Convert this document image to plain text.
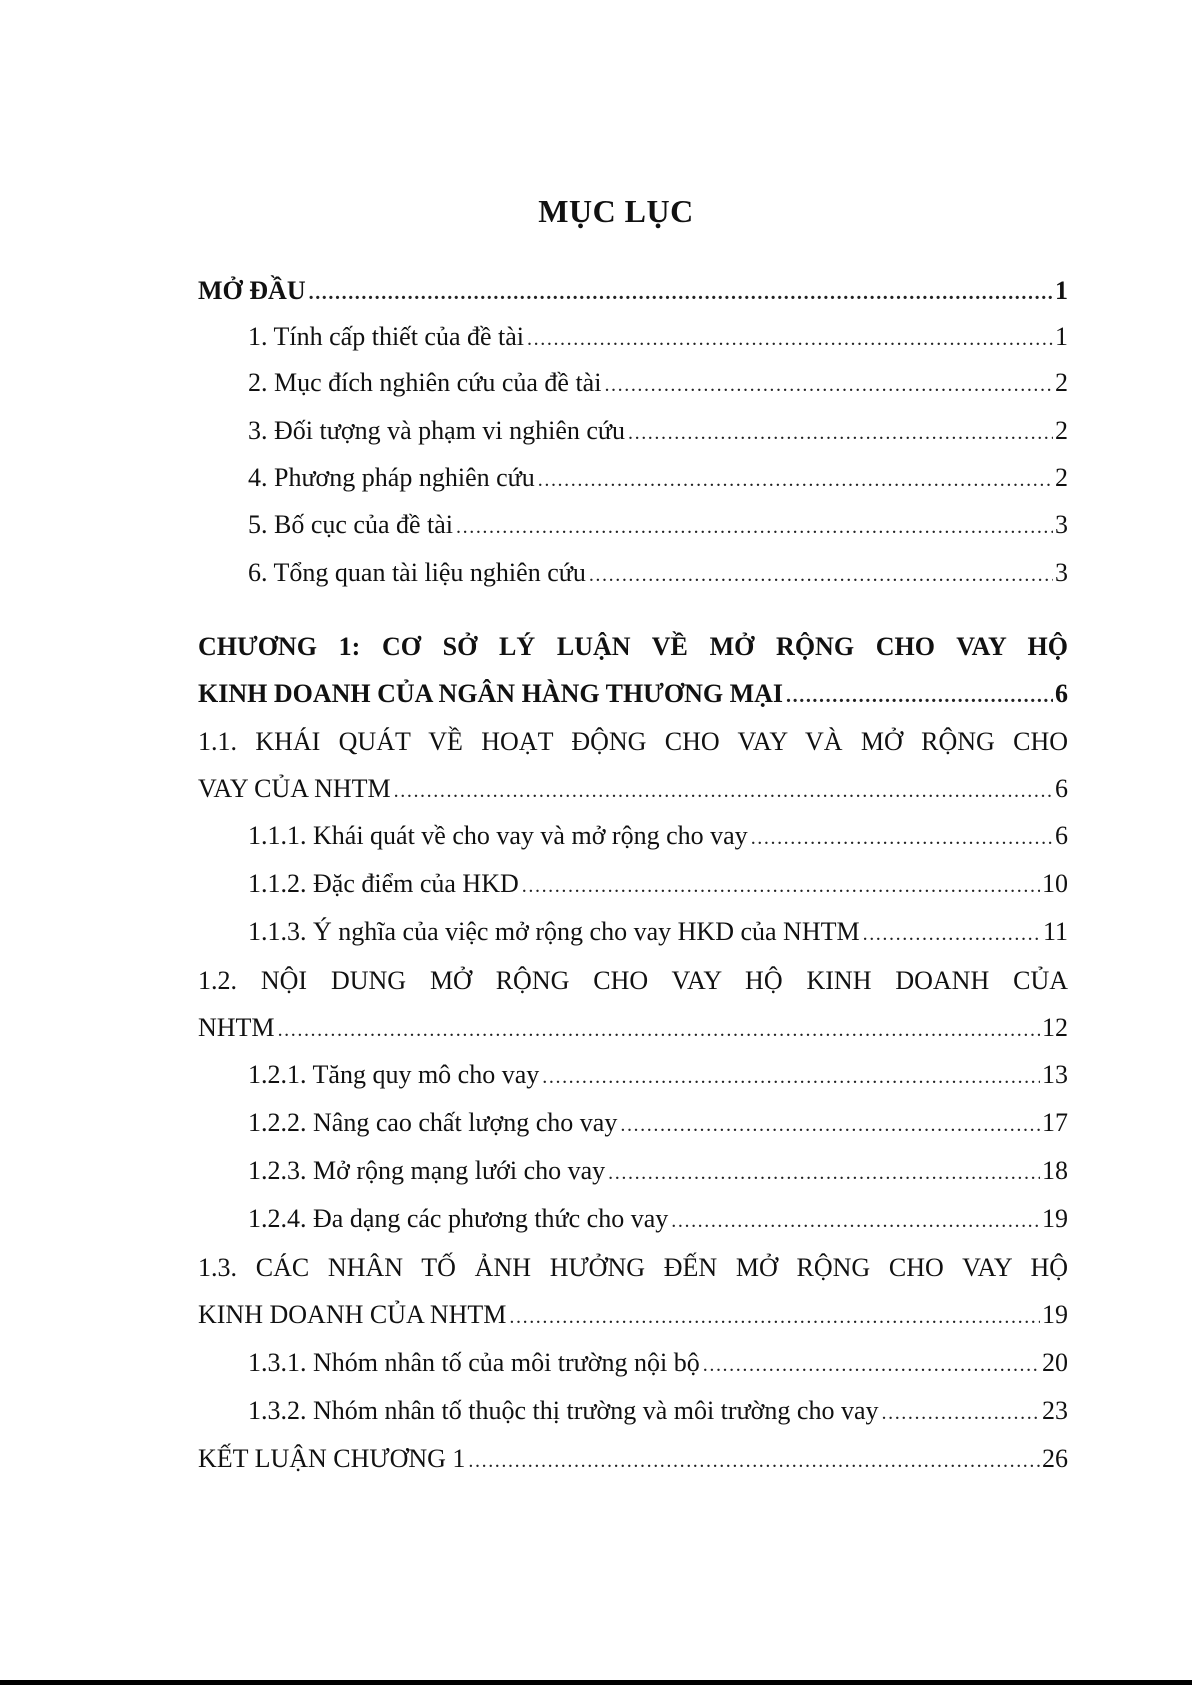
MỤC LỤC
MỞ ĐẦU .....	1
1. Tính cấp thiết của đề tài .....	1
2. Mục đích nghiên cứu của đề tài .....	2
3. Đối tượng và phạm vi nghiên cứu .....	2
4. Phương pháp nghiên cứu .....	2
5. Bố cục của đề tài .....	3
6. Tổng quan tài liệu nghiên cứu .....	3
CHƯƠNG 1: CƠ SỞ LÝ LUẬN VỀ MỞ RỘNG CHO VAY HỘ
KINH DOANH CỦA NGÂN HÀNG THƯƠNG MẠI .....	6
1.1. KHÁI QUÁT VỀ HOẠT ĐỘNG CHO VAY VÀ MỞ RỘNG CHO
VAY CỦA NHTM .....	6
1.1.1. Khái quát về cho vay và mở rộng cho vay .....	6
1.1.2. Đặc điểm của HKD .....	10
1.1.3. Ý nghĩa của việc mở rộng cho vay HKD của NHTM .....	11
1.2. NỘI DUNG MỞ RỘNG CHO VAY HỘ KINH DOANH CỦA
NHTM .....	12
1.2.1. Tăng quy mô cho vay .....	13
1.2.2. Nâng cao chất lượng cho vay .....	17
1.2.3. Mở rộng mạng lưới cho vay .....	18
1.2.4. Đa dạng các phương thức cho vay .....	19
1.3. CÁC NHÂN TỐ ẢNH HƯỞNG ĐẾN MỞ RỘNG CHO VAY HỘ
KINH DOANH CỦA NHTM .....	19
1.3.1. Nhóm nhân tố của môi trường nội bộ .....	20
1.3.2. Nhóm nhân tố thuộc thị trường và môi trường cho vay .....	23
KẾT LUẬN CHƯƠNG 1 .....	26
